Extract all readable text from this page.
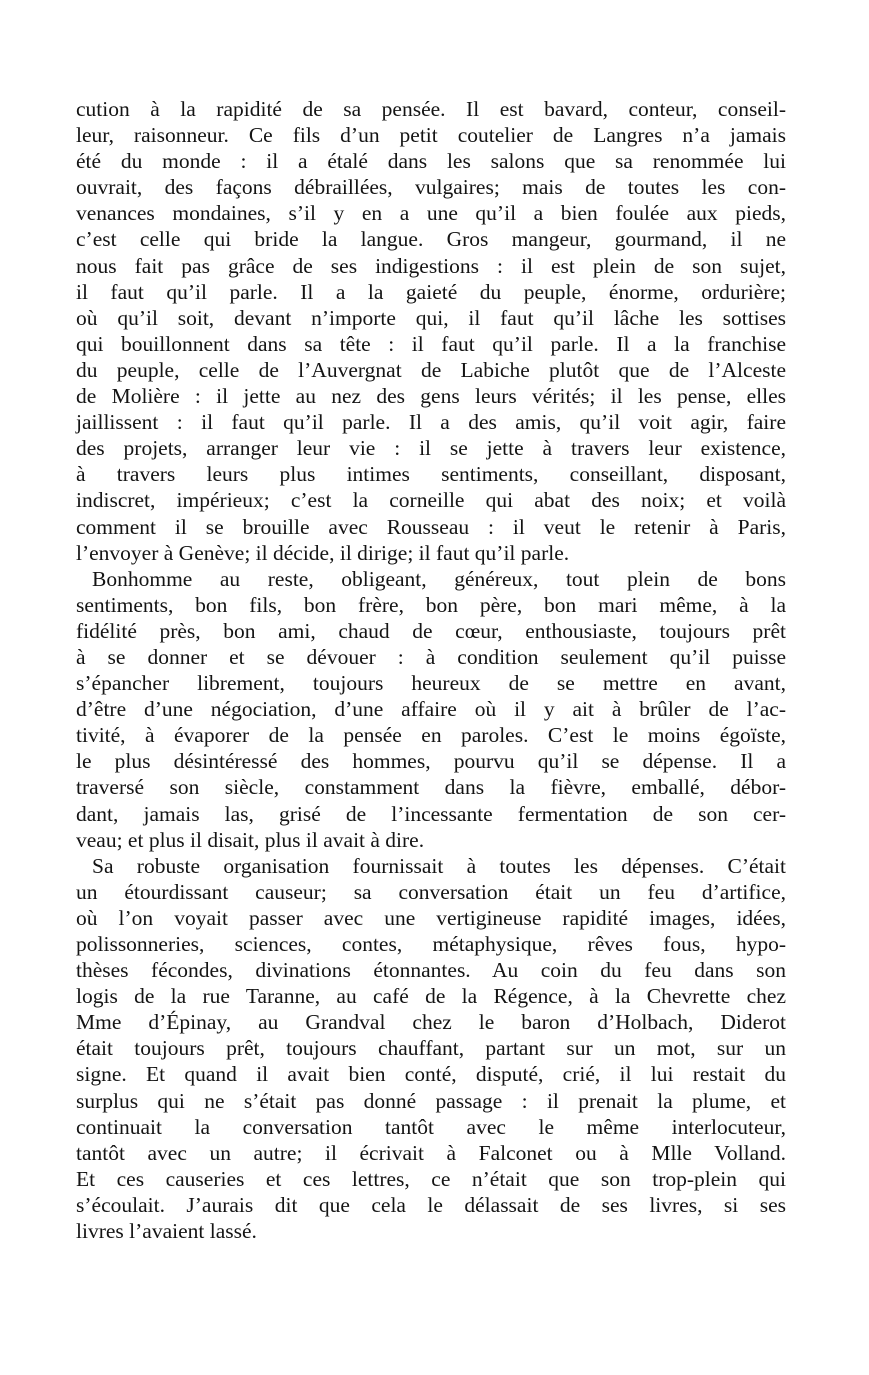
cution à la rapidité de sa pensée. Il est bavard, conteur, conseil-
leur, raisonneur. Ce fils d’un petit coutelier de Langres n’a jamais
été du monde : il a étalé dans les salons que sa renommée lui
ouvrait, des façons débraillées, vulgaires; mais de toutes les con-
venances mondaines, s’il y en a une qu’il a bien foulée aux pieds,
c’est celle qui bride la langue. Gros mangeur, gourmand, il ne
nous fait pas grâce de ses indigestions : il est plein de son sujet,
il faut qu’il parle. Il a la gaieté du peuple, énorme, ordurière;
où qu’il soit, devant n’importe qui, il faut qu’il lâche les sottises
qui bouillonnent dans sa tête : il faut qu’il parle. Il a la franchise
du peuple, celle de l’Auvergnat de Labiche plutôt que de l’Alceste
de Molière : il jette au nez des gens leurs vérités; il les pense, elles
jaillissent : il faut qu’il parle. Il a des amis, qu’il voit agir, faire
des projets, arranger leur vie : il se jette à travers leur existence,
à travers leurs plus intimes sentiments, conseillant, disposant,
indiscret, impérieux; c’est la corneille qui abat des noix; et voilà
comment il se brouille avec Rousseau : il veut le retenir à Paris,
l’envoyer à Genève; il décide, il dirige; il faut qu’il parle.

Bonhomme au reste, obligeant, généreux, tout plein de bons
sentiments, bon fils, bon frère, bon père, bon mari même, à la
fidélité près, bon ami, chaud de cœur, enthousiaste, toujours prêt
à se donner et se dévouer : à condition seulement qu’il puisse
s’épancher librement, toujours heureux de se mettre en avant,
d’être d’une négociation, d’une affaire où il y ait à brûler de l’ac-
tivité, à évaporer de la pensée en paroles. C’est le moins égoïste,
le plus désintéressé des hommes, pourvu qu’il se dépense. Il a
traversé son siècle, constamment dans la fièvre, emballé, débor-
dant, jamais las, grisé de l’incessante fermentation de son cer-
veau; et plus il disait, plus il avait à dire.

Sa robuste organisation fournissait à toutes les dépenses. C’était
un étourdissant causeur; sa conversation était un feu d’artifice,
où l’on voyait passer avec une vertigineuse rapidité images, idées,
polissonneries, sciences, contes, métaphysique, rêves fous, hypo-
thèses fécondes, divinations étonnantes. Au coin du feu dans son
logis de la rue Taranne, au café de la Régence, à la Chevrette chez
Mme d’Épinay, au Grandval chez le baron d’Holbach, Diderot
était toujours prêt, toujours chauffant, partant sur un mot, sur un
signe. Et quand il avait bien conté, disputé, crié, il lui restait du
surplus qui ne s’était pas donné passage : il prenait la plume, et
continuait la conversation tantôt avec le même interlocuteur,
tantôt avec un autre; il écrivait à Falconet ou à Mlle Volland.
Et ces causeries et ces lettres, ce n’était que son trop-plein qui
s’écoulait. J’aurais dit que cela le délassait de ses livres, si ses
livres l’avaient lassé.
